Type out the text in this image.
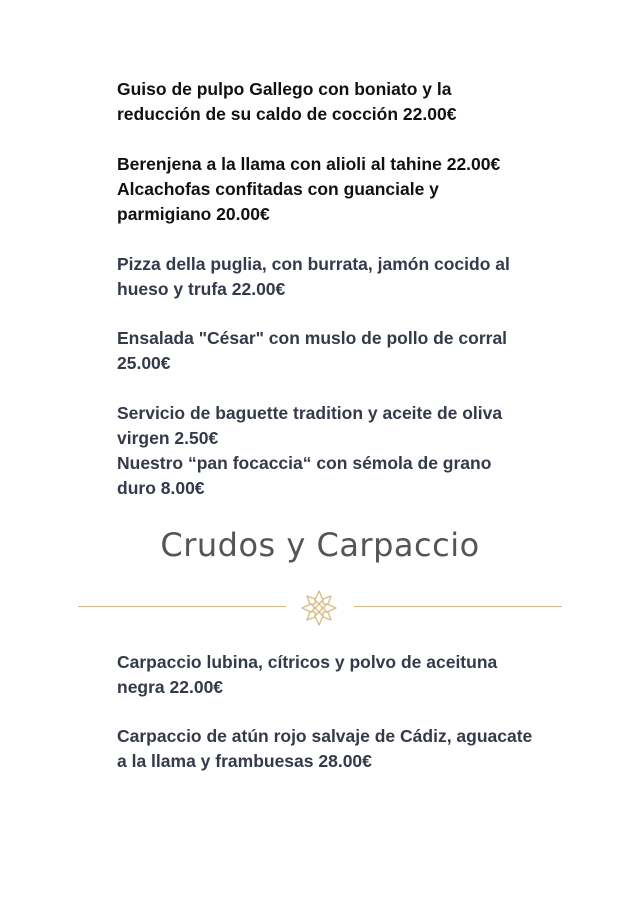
Guiso de pulpo Gallego con boniato y la
reducción de su caldo de cocción 22.00€
Berenjena a la llama con alioli al tahine 22.00€
Alcachofas confitadas con guanciale y
parmigiano 20.00€
Pizza della puglia, con burrata, jamón cocido al
hueso y trufa 22.00€
Ensalada "César" con muslo de pollo de corral
25.00€
Servicio de baguette tradition y aceite de oliva
virgen 2.50€
Nuestro “pan focaccia“ con sémola de grano
duro 8.00€
Crudos y Carpaccio
Carpaccio lubina, cítricos y polvo de aceituna
negra 22.00€
Carpaccio de atún rojo salvaje de Cádiz, aguacate
a la llama y frambuesas 28.00€
